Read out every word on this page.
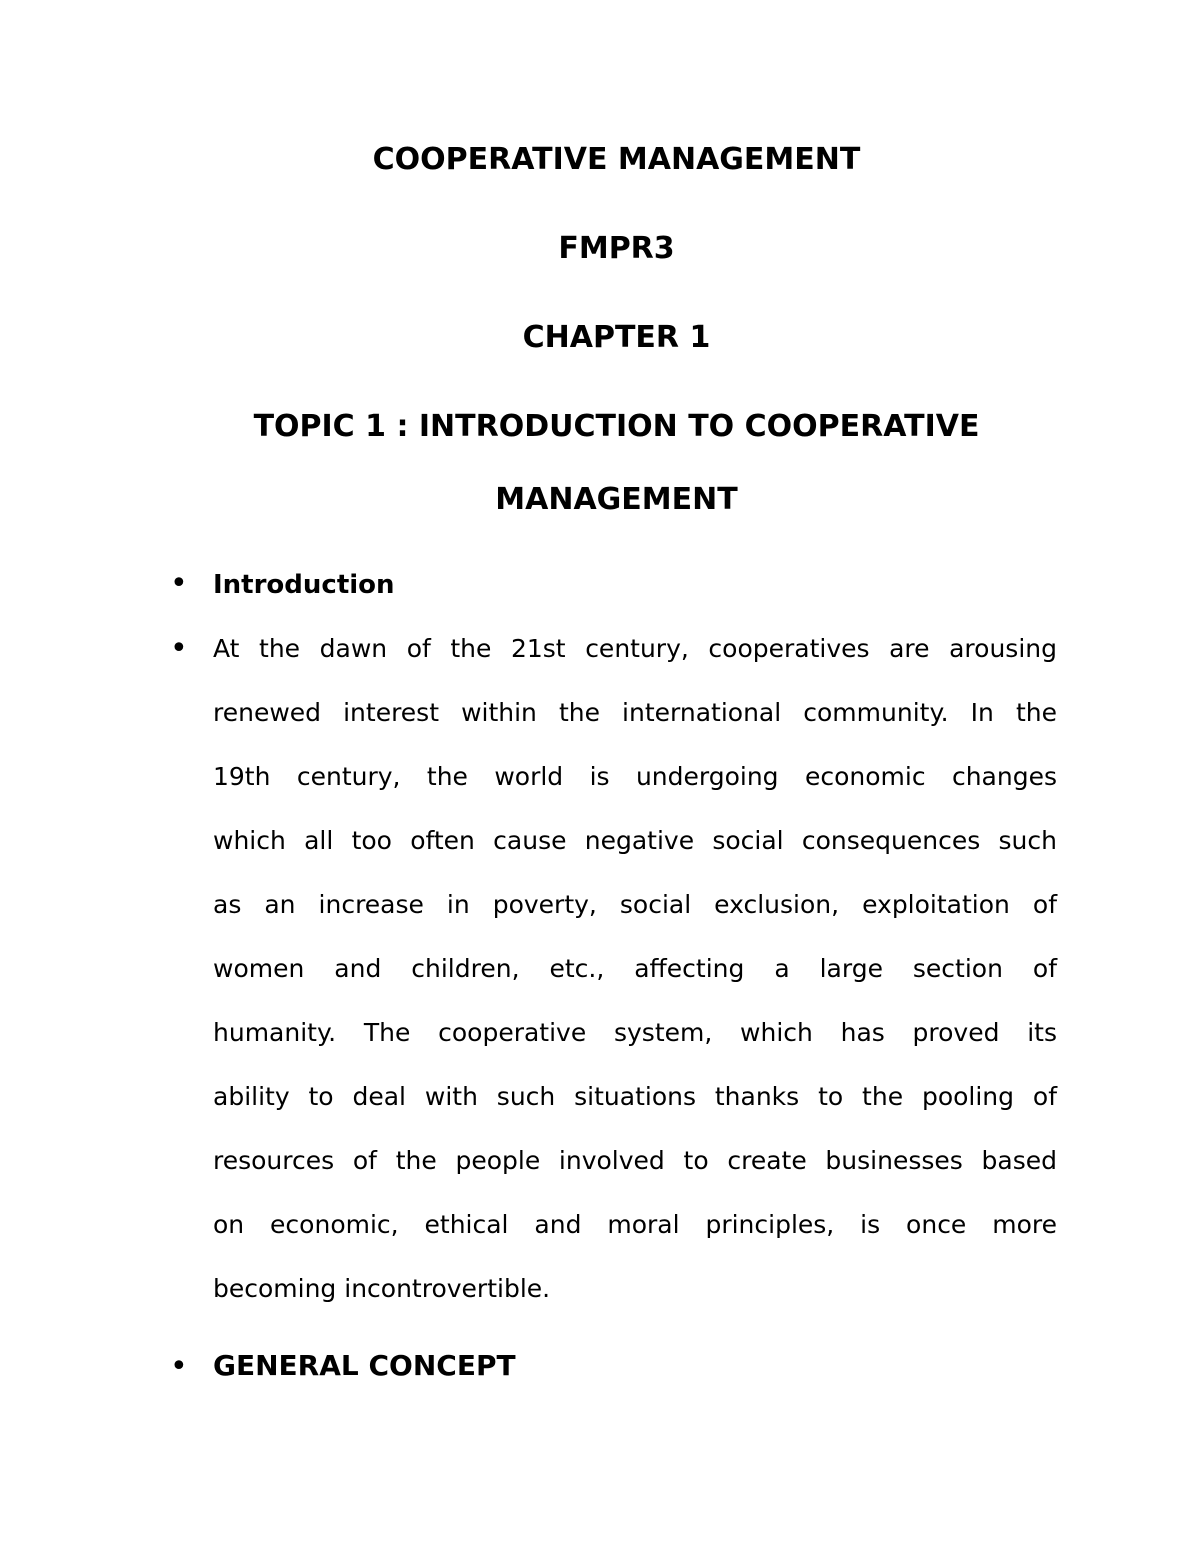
COOPERATIVE MANAGEMENT
FMPR3
CHAPTER 1
TOPIC 1 : INTRODUCTION TO COOPERATIVE
MANAGEMENT
• Introduction
• At the dawn of the 21st century, cooperatives are arousing
renewed interest within the international community. In the
19th century, the world is undergoing economic changes
which all too often cause negative social consequences such
as an increase in poverty, social exclusion, exploitation of
women and children, etc., affecting a large section of
humanity. The cooperative system, which has proved its
ability to deal with such situations thanks to the pooling of
resources of the people involved to create businesses based
on economic, ethical and moral principles, is once more
becoming incontrovertible.
• GENERAL CONCEPT
